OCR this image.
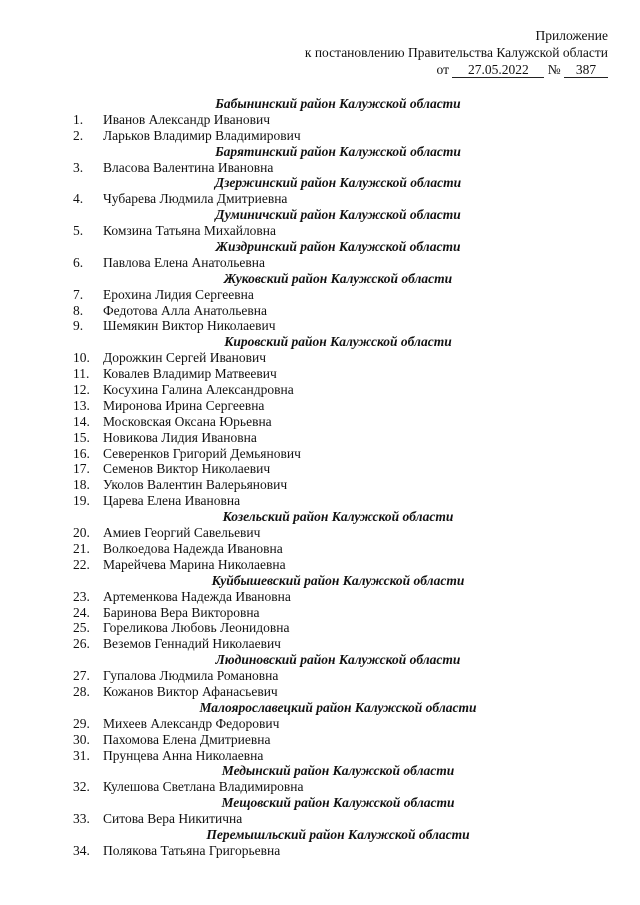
Приложение
к постановлению Правительства Калужской области
от 27.05.2022 № 387
Бабынинский район Калужской области
1. Иванов Александр Иванович
2. Ларьков Владимир Владимирович
Барятинский район Калужской области
3. Власова Валентина Ивановна
Дзержинский район Калужской области
4. Чубарева Людмила Дмитриевна
Думиничский район Калужской области
5. Комзина Татьяна Михайловна
Жиздринский район Калужской области
6. Павлова Елена Анатольевна
Жуковский район Калужской области
7. Ерохина Лидия Сергеевна
8. Федотова Алла Анатольевна
9. Шемякин Виктор Николаевич
Кировский район Калужской области
10. Дорожкин Сергей Иванович
11. Ковалев Владимир Матвеевич
12. Косухина Галина Александровна
13. Миронова Ирина Сергеевна
14. Московская Оксана Юрьевна
15. Новикова Лидия Ивановна
16. Северенков Григорий Демьянович
17. Семенов Виктор Николаевич
18. Уколов Валентин Валерьянович
19. Царева Елена Ивановна
Козельский район Калужской области
20. Амиев Георгий Савельевич
21. Волкоедова Надежда Ивановна
22. Марейчева Марина Николаевна
Куйбышевский район Калужской области
23. Артеменкова Надежда Ивановна
24. Баринова Вера Викторовна
25. Гореликова Любовь Леонидовна
26. Веземов Геннадий Николаевич
Людиновский район Калужской области
27. Гупалова Людмила Романовна
28. Кожанов Виктор Афанасьевич
Малоярославецкий район Калужской области
29. Михеев Александр Федорович
30. Пахомова Елена Дмитриевна
31. Прунцева Анна Николаевна
Медынский район Калужской области
32. Кулешова Светлана Владимировна
Мещовский район Калужской области
33. Ситова Вера Никитична
Перемышльский район Калужской области
34. Полякова Татьяна Григорьевна
